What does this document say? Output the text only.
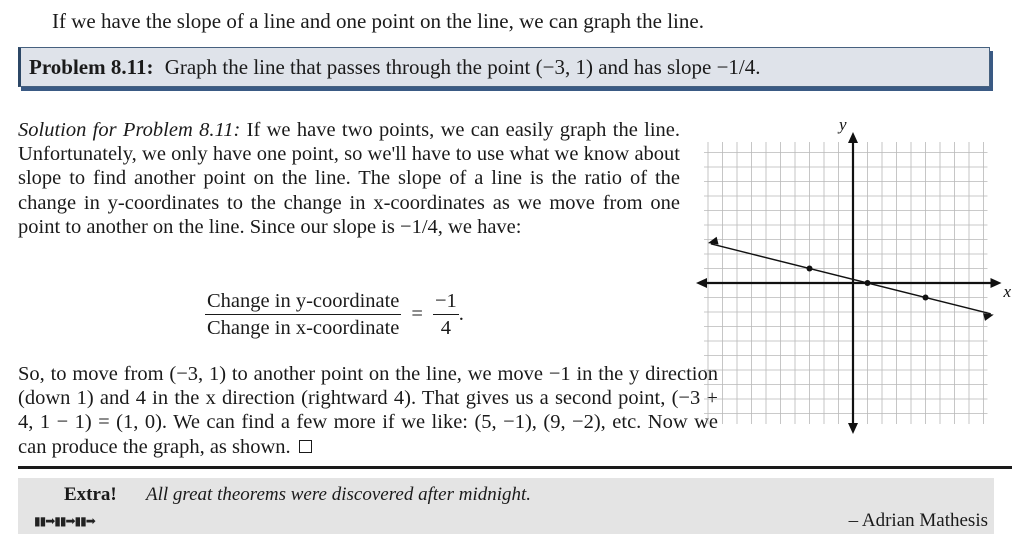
If we have the slope of a line and one point on the line, we can graph the line.
Problem 8.11: Graph the line that passes through the point (−3, 1) and has slope −1/4.

Solution for Problem 8.11: If we have two points, we can easily graph the line. Unfortunately, we only have one point, so we'll have to use what we know about slope to find another point on the line. The slope of a line is the ratio of the change in y-coordinates to the change in x-coordinates as we move from one point to another on the line. Since our slope is −1/4, we have:

$\frac{\text{Change in y-coordinate}}{\text{Change in x-coordinate}} = \frac{-1}{4}$ .

So, to move from (−3, 1) to another point on the line, we move −1 in the y direction (down 1) and 4 in the x direction (rightward 4). That gives us a second point, (−3 + 4, 1 − 1) = (1, 0). We can find a few more if we like: (5, −1), (9, −2), etc. Now we can produce the graph, as shown.

y
x
Extra! All great theorems were discovered after midnight.
▮▮➡▮▮➡▮▮➡	– Adrian Mathesis
